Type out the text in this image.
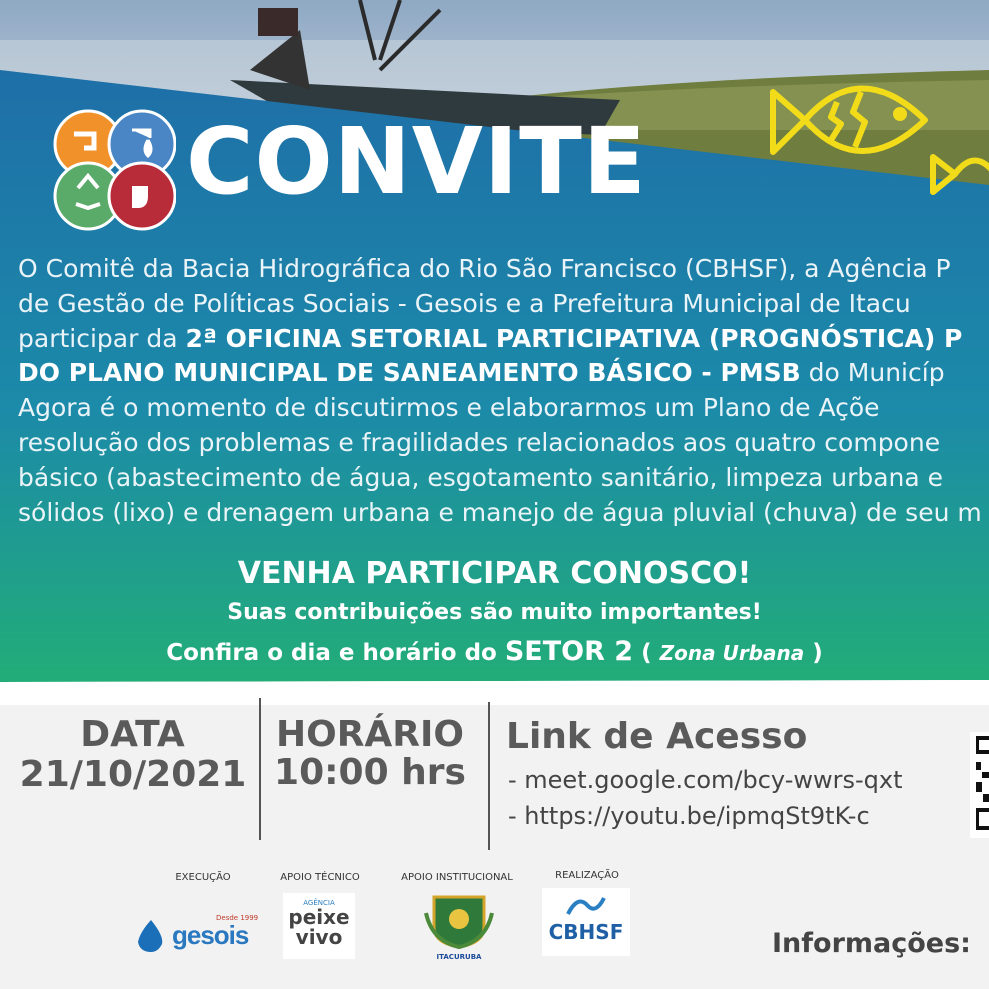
CONVITE
O Comitê da Bacia Hidrográfica do Rio São Francisco (CBHSF), a Agência P
de Gestão de Políticas Sociais - Gesois e a Prefeitura Municipal de Itacu
participar da 2ª OFICINA SETORIAL PARTICIPATIVA (PROGNÓSTICA) P
DO PLANO MUNICIPAL DE SANEAMENTO BÁSICO - PMSB do Municíp
Agora é o momento de discutirmos e elaborarmos um Plano de Açõe
resolução dos problemas e fragilidades relacionados aos quatro compone
básico (abastecimento de água, esgotamento sanitário, limpeza urbana e
sólidos (lixo) e drenagem urbana e manejo de água pluvial (chuva) de seu m
VENHA PARTICIPAR CONOSCO!
Suas contribuições são muito importantes!
Confira o dia e horário do SETOR 2 ( Zona Urbana )
DATA
21/10/2021
HORÁRIO
10:00 hrs
Link de Acesso
- meet.google.com/bcy-wwrs-qxt
- https://youtu.be/ipmqSt9tK-c
EXECUÇÃO	APOIO TÉCNICO	APOIO INSTITUCIONAL	REALIZAÇÃO
gesois
Desde 1999
AGÊNCIA
peixe
vivo
ITACURUBA
CBHSF	Informações:
